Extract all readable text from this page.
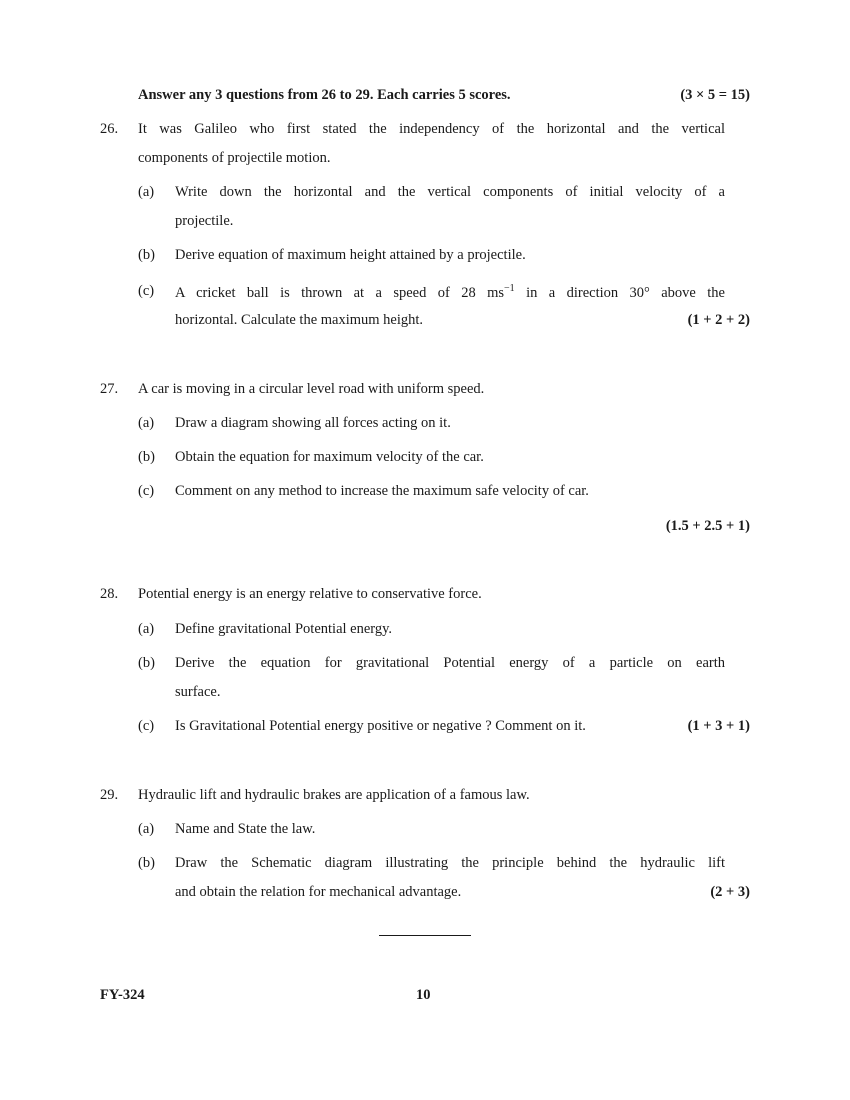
Answer any 3 questions from 26 to 29. Each carries 5 scores.	(3 × 5 = 15)
26. It was Galileo who first stated the independency of the horizontal and the vertical
components of projectile motion.
(a) Write down the horizontal and the vertical components of initial velocity of a
projectile.
(b) Derive equation of maximum height attained by a projectile.
(c) A cricket ball is thrown at a speed of 28 $ms^{-1}$ in a direction 30° above the
horizontal. Calculate the maximum height.	(1 + 2 + 2)
27. A car is moving in a circular level road with uniform speed.
(a) Draw a diagram showing all forces acting on it.
(b) Obtain the equation for maximum velocity of the car.
(c) Comment on any method to increase the maximum safe velocity of car.
(1.5 + 2.5 + 1)
28. Potential energy is an energy relative to conservative force.
(a) Define gravitational Potential energy.
(b) Derive the equation for gravitational Potential energy of a particle on earth
surface.
(c) Is Gravitational Potential energy positive or negative ? Comment on it.	(1 + 3 + 1)
29. Hydraulic lift and hydraulic brakes are application of a famous law.
(a) Name and State the law.
(b) Draw the Schematic diagram illustrating the principle behind the hydraulic lift
and obtain the relation for mechanical advantage.	(2 + 3)
FY-324	10
